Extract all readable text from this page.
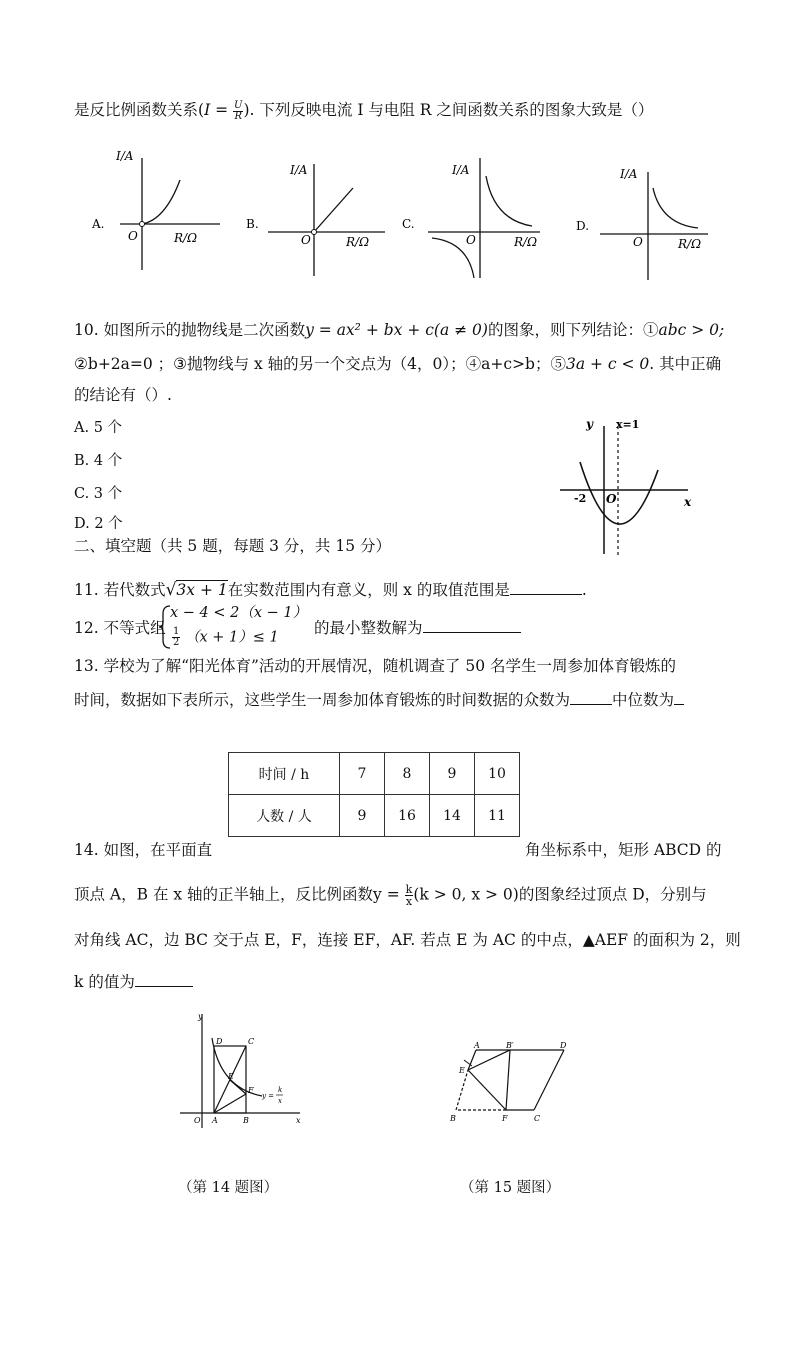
是反比例函数关系($I = \frac{U}{R}$ ). 下列反映电流 I 与电阻 R 之间函数关系的图象大致是（）
A.
I/A
O	R/Ω
B.
I/A
O	R/Ω
C.
I/A
O	R/Ω
D.
I/A
O	R/Ω
10. 如图所示的抛物线是二次函数y = ax² + bx + c(a ≠ 0)的图象，则下列结论：①abc > 0;
②b+2a=0 ；③抛物线与 x 轴的另一个交点为（4，0）；④a+c>b；⑤3a + c < 0. 其中正确
的结论有（）.
A. 5 个
B. 4 个
C. 3 个
D. 2 个
y x=1
x
-2 O
二、填空题（共 5 题，每题 3 分，共 15 分）
11. 若代数式√3x + 1在实数范围内有意义，则 x 的取值范围是	.
12. 不等式组
x − 4 < 2（x − 1）
$\frac{1}{2} (x + 1)\le 1$
的最小整数解为
13. 学校为了解“阳光体育”活动的开展情况，随机调查了 50 名学生一周参加体育锻炼的
时间，数据如下表所示，这些学生一周参加体育锻炼的时间数据的众数为	中位数为
时间 / h	7	8	9	10
人数 / 人	9	16	14	11
14. 如图，在平面直	角坐标系中，矩形 ABCD 的
顶点 A，B 在 x 轴的正半轴上，反比例函数$y = \frac{k}{x} (k > 0$, x > 0)的图象经过顶点 D，分别与
对角线 AC，边 BC 交于点 E，F，连接 EF，AF. 若点 E 为 AC 的中点，▲AEF 的面积为 2，则
k 的值为
y
D	C
E
F
O A	B	x
y =
k
x
A	B′	D
E
B	F	C
（第 14 题图）	（第 15 题图）
